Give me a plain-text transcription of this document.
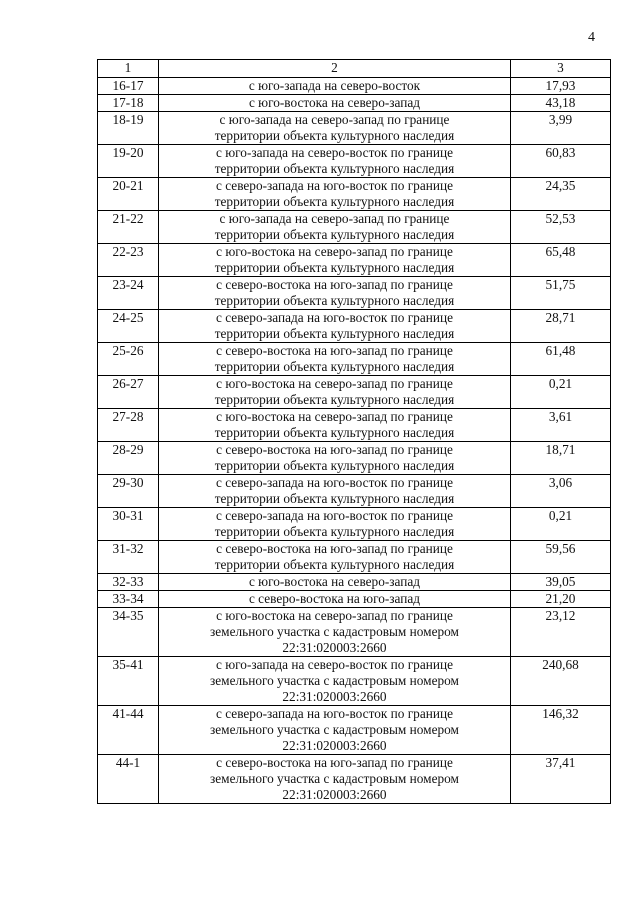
4
1	2	3
16-17	с юго-запада на северо-восток	17,93
17-18	с юго-востока на северо-запад	43,18
18-19	с юго-запада на северо-запад по границе
территории объекта культурного наследия	3,99
19-20	с юго-запада на северо-восток по границе
территории объекта культурного наследия	60,83
20-21	с северо-запада на юго-восток по границе
территории объекта культурного наследия	24,35
21-22	с юго-запада на северо-запад по границе
территории объекта культурного наследия	52,53
22-23	с юго-востока на северо-запад по границе
территории объекта культурного наследия	65,48
23-24	с северо-востока на юго-запад по границе
территории объекта культурного наследия	51,75
24-25	с северо-запада на юго-восток по границе
территории объекта культурного наследия	28,71
25-26	с северо-востока на юго-запад по границе
территории объекта культурного наследия	61,48
26-27	с юго-востока на северо-запад по границе
территории объекта культурного наследия	0,21
27-28	с юго-востока на северо-запад по границе
территории объекта культурного наследия	3,61
28-29	с северо-востока на юго-запад по границе
территории объекта культурного наследия	18,71
29-30	с северо-запада на юго-восток по границе
территории объекта культурного наследия	3,06
30-31	с северо-запада на юго-восток по границе
территории объекта культурного наследия	0,21
31-32	с северо-востока на юго-запад по границе
территории объекта культурного наследия	59,56
32-33	с юго-востока на северо-запад	39,05
33-34	с северо-востока на юго-запад	21,20
34-35	с юго-востока на северо-запад по границе
земельного участка с кадастровым номером
22:31:020003:2660	23,12
35-41	с юго-запада на северо-восток по границе
земельного участка с кадастровым номером
22:31:020003:2660	240,68
41-44	с северо-запада на юго-восток по границе
земельного участка с кадастровым номером
22:31:020003:2660	146,32
44-1	с северо-востока на юго-запад по границе
земельного участка с кадастровым номером
22:31:020003:2660	37,41
